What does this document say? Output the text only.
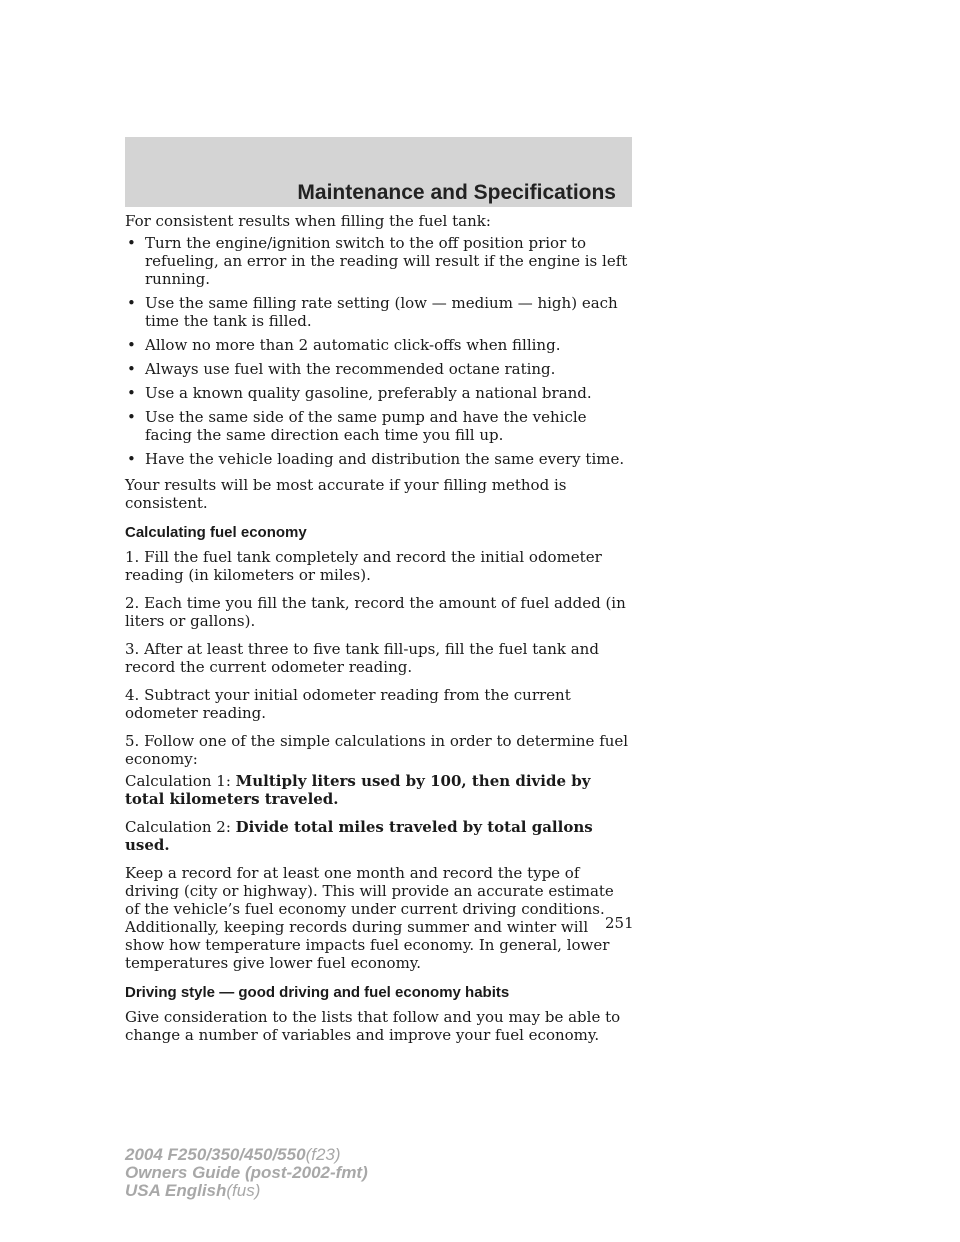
Maintenance and Specifications

For consistent results when filling the fuel tank:

• Turn the engine/ignition switch to the off position prior to refueling, an error in the reading will result if the engine is left running.
• Use the same filling rate setting (low — medium — high) each time the tank is filled.
• Allow no more than 2 automatic click-offs when filling.
• Always use fuel with the recommended octane rating.
• Use a known quality gasoline, preferably a national brand.
• Use the same side of the same pump and have the vehicle facing the same direction each time you fill up.
• Have the vehicle loading and distribution the same every time.

Your results will be most accurate if your filling method is consistent.

Calculating fuel economy

1. Fill the fuel tank completely and record the initial odometer reading (in kilometers or miles).

2. Each time you fill the tank, record the amount of fuel added (in liters or gallons).

3. After at least three to five tank fill-ups, fill the fuel tank and record the current odometer reading.

4. Subtract your initial odometer reading from the current odometer reading.

5. Follow one of the simple calculations in order to determine fuel economy:

Calculation 1: Multiply liters used by 100, then divide by total kilometers traveled.

Calculation 2: Divide total miles traveled by total gallons used.

Keep a record for at least one month and record the type of driving (city or highway). This will provide an accurate estimate of the vehicle’s fuel economy under current driving conditions. Additionally, keeping records during summer and winter will show how temperature impacts fuel economy. In general, lower temperatures give lower fuel economy.

Driving style — good driving and fuel economy habits

Give consideration to the lists that follow and you may be able to change a number of variables and improve your fuel economy.

251
2004 F250/350/450/550(f23)
Owners Guide (post-2002-fmt)
USA English(fus)
